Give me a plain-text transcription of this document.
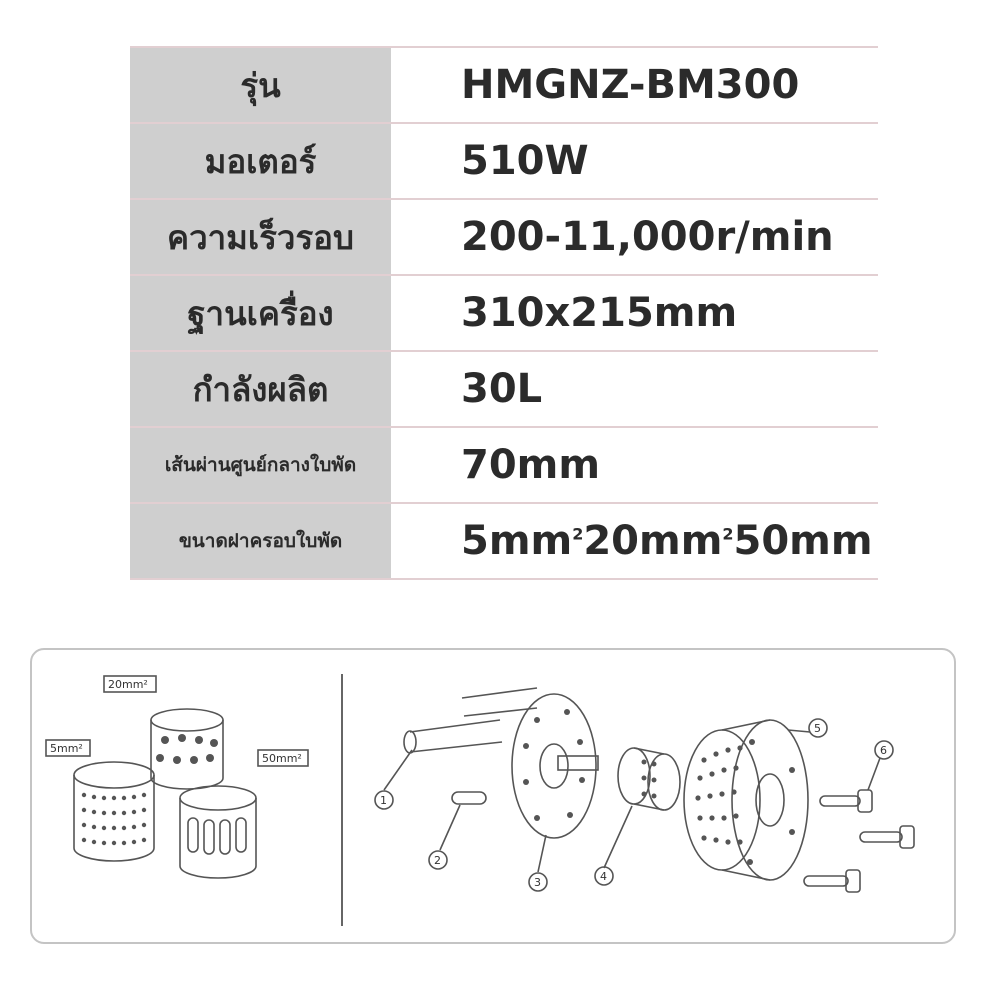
รุ่น	HMGNZ-BM300
มอเตอร์	510W
ความเร็วรอบ	200-11,000r/min
ฐานเครื่อง	310x215mm
กำลังผลิต	30L
เส้นผ่านศูนย์กลางใบพัด	70mm
ขนาดฝาครอบใบพัด	$5mm^220mm^250mm$
20mm²
5mm²
50mm²
1
2
3	4
5
6
